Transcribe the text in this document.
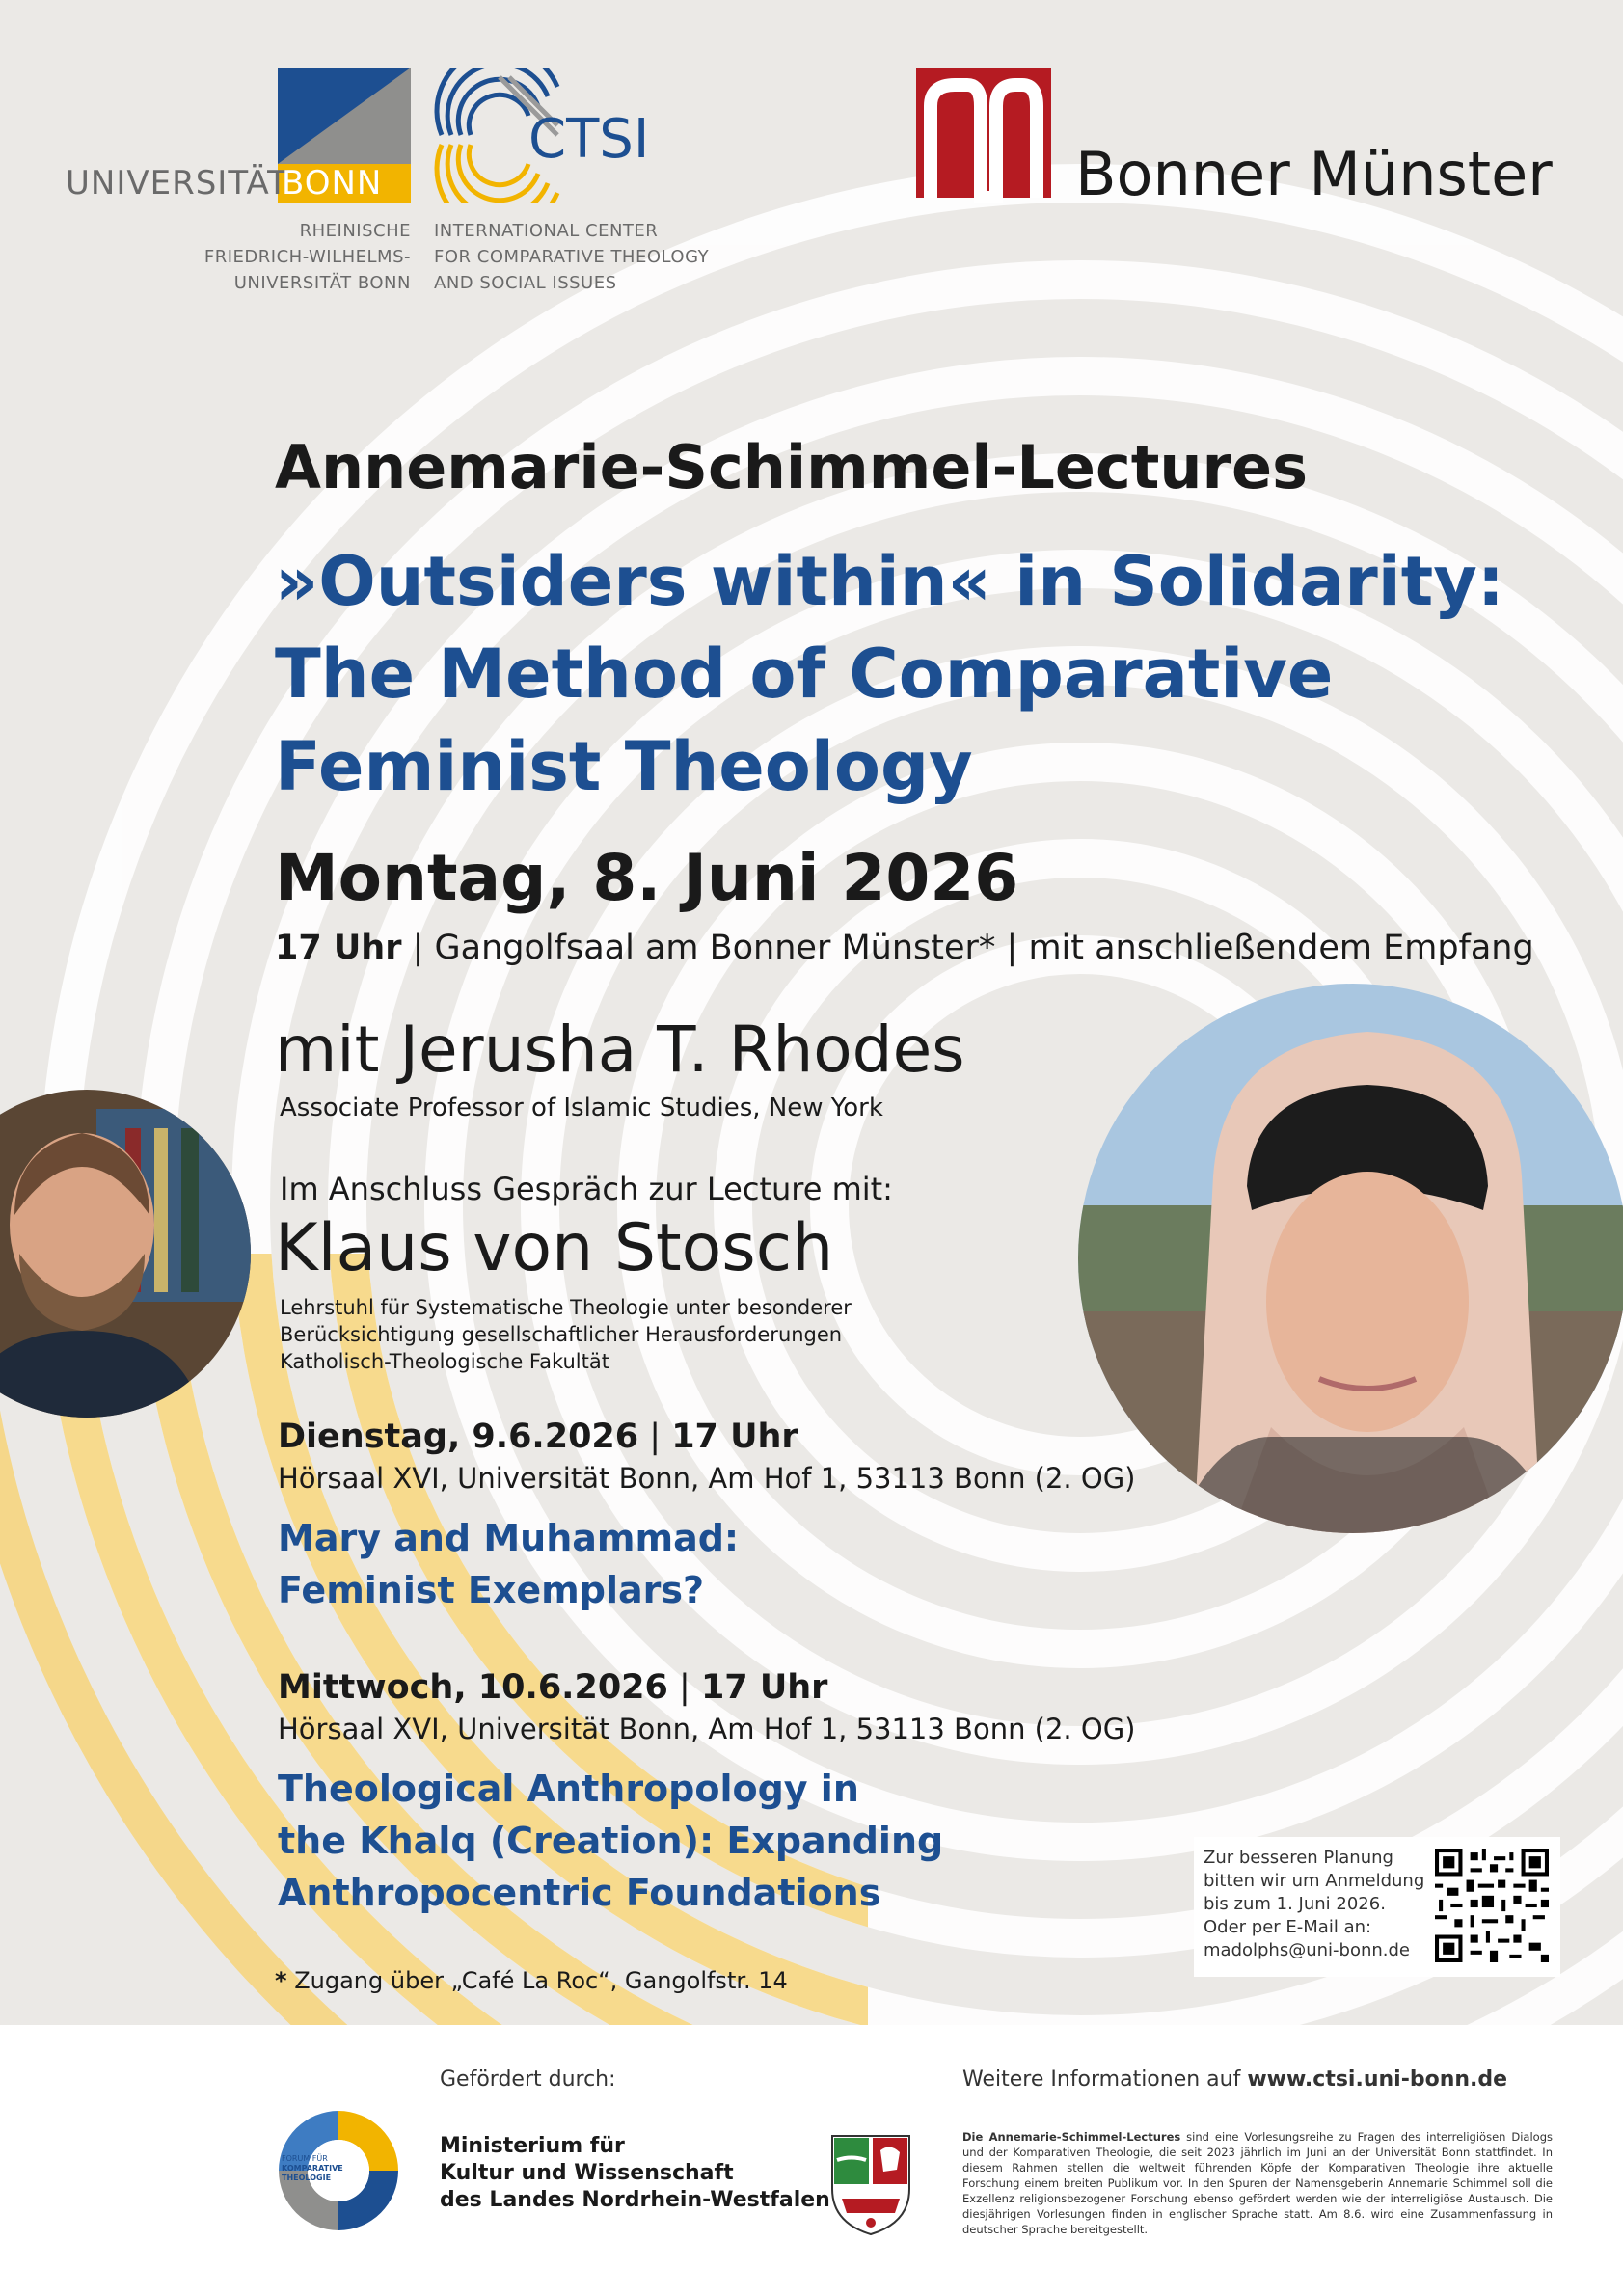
UNIVERSITÄT
BONN
RHEINISCHE
FRIEDRICH-WILHELMS-
UNIVERSITÄT BONN
CTSI
INTERNATIONAL CENTER
FOR COMPARATIVE THEOLOGY
AND SOCIAL ISSUES
Bonner Münster
Annemarie-Schimmel-Lectures
»Outsiders within« in Solidarity:
The Method of Comparative
Feminist Theology
Montag, 8. Juni 2026
17 Uhr | Gangolfsaal am Bonner Münster* | mit anschließendem Empfang
mit Jerusha T. Rhodes
Associate Professor of Islamic Studies, New York
Im Anschluss Gespräch zur Lecture mit:
Klaus von Stosch
Lehrstuhl für Systematische Theologie unter besonderer
Berücksichtigung gesellschaftlicher Herausforderungen
Katholisch-Theologische Fakultät
Dienstag, 9.6.2026 | 17 Uhr
Hörsaal XVI, Universität Bonn, Am Hof 1, 53113 Bonn (2. OG)
Mary and Muhammad:
Feminist Exemplars?
Mittwoch, 10.6.2026 | 17 Uhr
Hörsaal XVI, Universität Bonn, Am Hof 1, 53113 Bonn (2. OG)
Theological Anthropology in
the Khalq (Creation): Expanding
Anthropocentric Foundations
* Zugang über „Café La Roc“, Gangolfstr. 14
Zur besseren Planung
bitten wir um Anmeldung
bis zum 1. Juni 2026.
Oder per E-Mail an:
madolphs@uni-bonn.de
Gefördert durch:
FORUM FÜR
KOMPARATIVE
THEOLOGIE
Ministerium für
Kultur und Wissenschaft
des Landes Nordrhein-Westfalen
Weitere Informationen auf www.ctsi.uni-bonn.de
Die Annemarie-Schimmel-Lectures sind eine Vorlesungsreihe zu Fragen des interreligiösen Dialogs und der Komparativen Theologie, die seit 2023 jährlich im Juni an der Universität Bonn stattfindet. In diesem Rahmen stellen die weltweit führenden Köpfe der Komparativen Theologie ihre aktuelle Forschung einem breiten Publikum vor. In den Spuren der Namensgeberin Annemarie Schimmel soll die Exzellenz religionsbezogener Forschung ebenso gefördert werden wie der interreligiöse Austausch. Die diesjährigen Vorlesungen finden in englischer Sprache statt. Am 8.6. wird eine Zusammenfassung in deutscher Sprache bereitgestellt.
